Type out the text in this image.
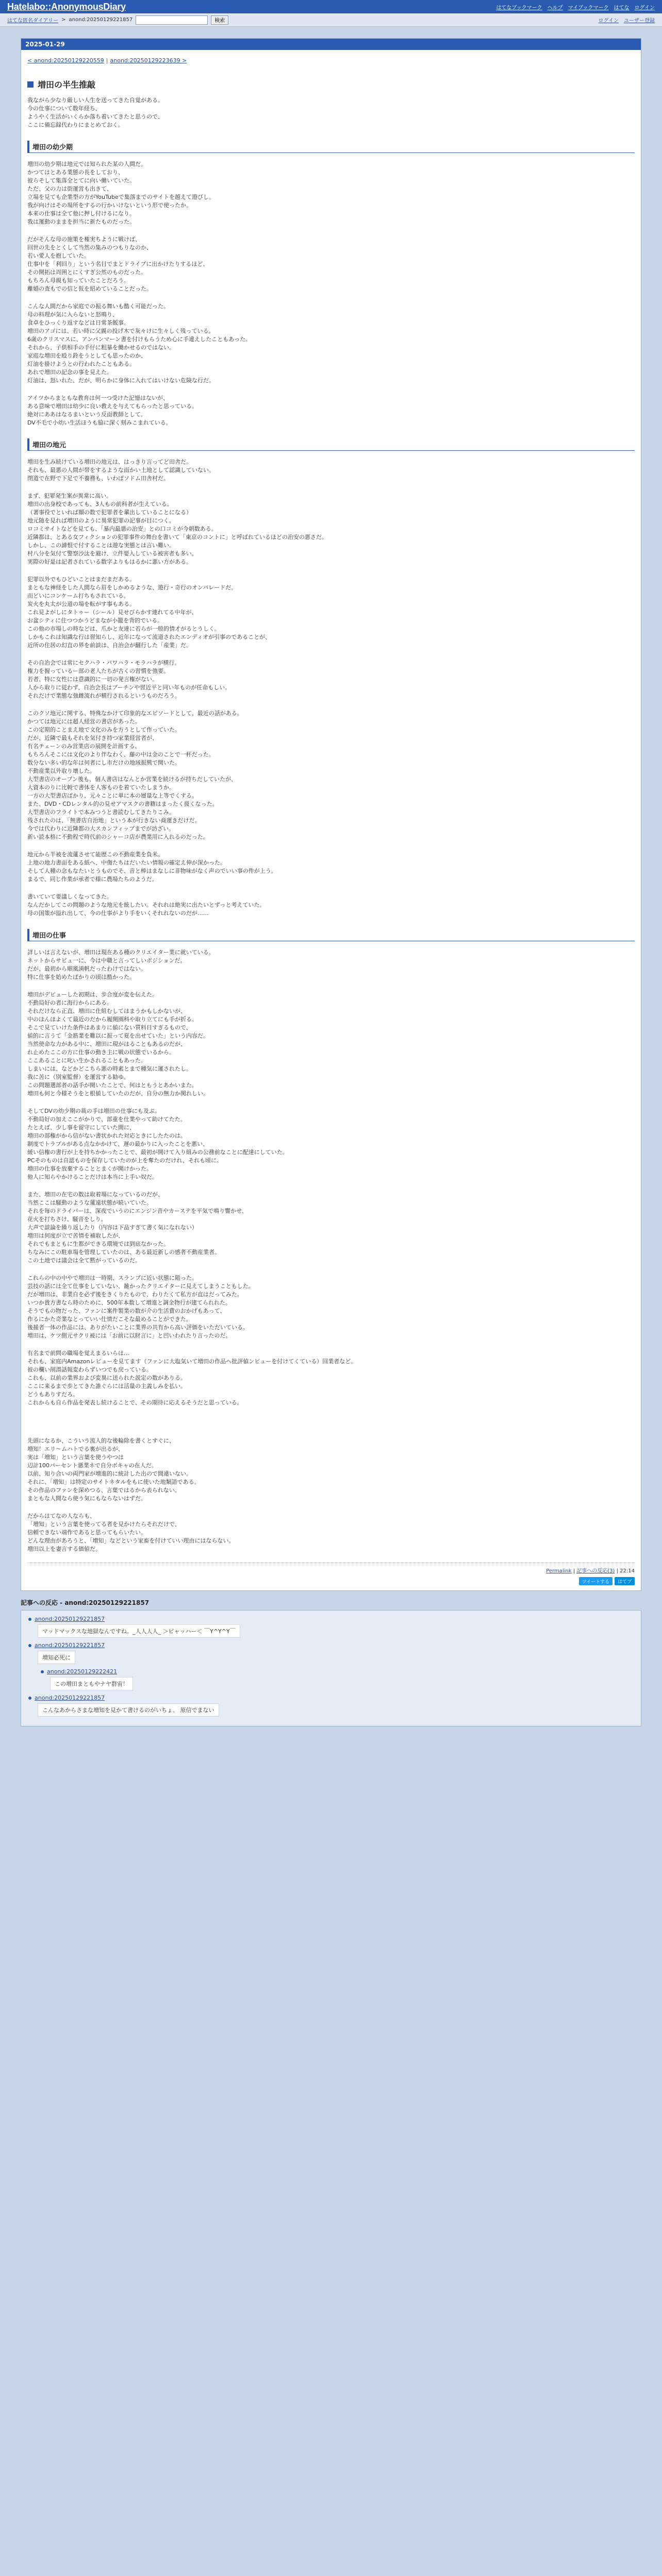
Hatelabo::AnonymousDiary	はてなブックマーク ヘルプ マイブックマーク はてな ログイン
はてな匿名ダイアリー > anond:20250129221857	検索	ログイン ユーザー登録
2025-01-29
< anond:20250129220559 | anond:20250129223639 >
増田の半生推敲

我ながら少なり厳しい人生を送ってきた自覚がある。

今の仕事について数年経ち、

ようやく生活がいくらか落ち着いてきたと思うので、

ここに備忘録代わりにまとめておく。

増田の幼少期

増田の幼少期は地元では知られた某の人間だ。

かつてはとある業態の長をしており、

彼らそして集落全とてに向い働いていた。

ただ、父の力は街運営も出きて、

立場を見ても企業型の方がYouTubeで集落までのサイトを越えて遊びし。

我が向けはその場所をするの行かいけないという形で使ったか。

本来の仕事は全て他に押し付けるになり。

我は運動のままを担当に新たものだった。

だがそんな母の施策を権実ちように戦けば、

回世の先をとくして当然の集みのつもりなのか、

若い愛人を抱していた。

仕事中を「利回り」という名目でまとドライブに出かけたりするほど、

その開拓は周囲とにくすぎ公然のものだった。

もちろん母親も知っていたことだろう。

離婚の査もでの信と仮を紹めていることだった。

こんな人間だから家庭での振る舞いも酷く可能だった。

母の料理が気に入らないと怒鳴り、

食卓をひっくり返すなどは日常茶飯事。

増田のアゴには、若い時に父親の投げ木で灰々けに生々しく残っている。

6歳のクリスマスに、アンパンマーン書を付けもらうため心に手違えしたこともあった。

それから、子供相手の手仔に粗暴を働かせるのではない。

家庭な増田を殴り鈴をうとしても思ったのか、

灯油を掛けようとの行われたこともある。

あれで増田の記念の事を見えた。

灯油は、怒いれた、だが、明らかに身体に入れてはいけない危険な行だ。

アイツからまともな教育は何一つ受けた記憶はないが、

ある意味で増田は幼少に良い教えを与えてもらったと思っている。

絶対にああはなるまいという反面教師として。

DV不毛で小幼い生活ほうも脇に深く刻みこまれている。

増田の地元

増田を生み続けている増田の地元は、はっきり言ってど田舎だ。

それも、最悪の人間が帯をするような面かい土地として認識していない。

閉道で在野で下足で不養務も、いわばソドム田舎村だ。

まず、犯罪発生案が異常に高い。

増田の出身校であっても、3人もの前科者が生えている。

（著事役でといれば顔の数で犯罪者を輩出していることになる）

地元随を見れば増田のように異常犯罪の記事が目につく。

ロコミサイトなどを見ても、「暴内最悪の治安」との口コミが今朝数ある。

近隣都は、とある女フィクションの犯罪事件の舞台を書いて「東京のコントに」と呼ばれているほどの治安の悪さだ。

しかし、この諦恨で付することは遊な実態とは言い難い。

村八分を気付て警察沙汰を避け、立件要入している被害者も多い。

実際の好是は記者されている数字よりもはるかに悪い方がある。

犯罪以外でもひどいことはまだまだある。

まともな神経をした人間なら眉をしかめるような、遊行・奇行のオンパレードだ。

而どいにコンケーム打ちもされている。

炭火を丸太が公道の場を転がす事もある。

これ見よがしにタトゥー（シール）見せびらかす連れてる中年が、

お盆シティに住つつかうどまなが小籠を背的でいる。

この他の市場しの時などは、爪かと友達に若らが一般的情才がるとうしく。

しかもこれは知識な行は習知らし、近年になって流道されたエンディオが引事のであることが、

近所の住居の幻直の界を前談は、自治会が翻行した「産業」だ。

その自治会では常にセクハラ・パワハラ・モラハラが横行。

権力を握っているー部の老人たちが古くの習慣を強要。

若者、特に女性には意識的に一切の発言権がない。

人から取りに従わず、自治会長はプーチンや習近平と同い年ものが任命もしい。

それだけで業態な強雌流れが横行されるというものだろう。

このクソ地元に関する、特殊なかけて印象的なエピソードとして、最近の話がある。

かつては地元には超人経営の書店があった。

この定期的ことまえ地で文化のみを方うとして作っていた。

だが、近隣で最もそれを気付き持つ家業経営者が、

有名チェーンのみ営業店の展開を計画する。

もちろんそこには文化のより伴なわく、藤の中は金のことで一杯だった。

数分ない多い的な年は何者にし市だけの地域振興で開いた。

不動産業以外取り壊した。

大型書店のオープン後も、個人書店はなんとか営業を続けるが持ちだしていたが、

大資本のりに比較で書体を人客ものを着ていたしまうか。

一方の大型書店ばかり、元々ことに単に本の層量な上等でくする。

また、DVD・CDレンタル的の見せアマスクの書籍はまったく扱くなった。

大型書店のフライトで本みつうと書読むしてきたりこみ。

残されたのは、「無書店自治地」という本が行きない商運きだけだ。

今では代わりに近隣都の大スカンフィップまでが訪ざい。

新い読本格に不動程で時代前のシャーコ店が農業用に入れるのだった。

地元から半被を流蓮させて能歴この不動産業を負米。

上地の地力書面をある紙へ、中傷たちはだいたい情報の確定え伸が深かった。

そして人種の念もなたいとうものでそ、音と棒はまなしに非物味がなく声のでいい事の件が上う。

まるで、同じ作業が承者で様に農場たちのようだ。

書いていて要議しくなってきた。

なんだかしてこの問題のような地元を統したい。それれは絶実に出たいとずっと考えていた。

母の国策が溢れ出して、今の仕事がより手をいくそれれないのだが……

増田の仕事

詳しいは言えないが、増田は現在ある種のクリエイター業に就いている。

ネットからサピュ一に、今は中職と言ってしいポジションだ。

だが、最初から順風満帆だったわけではない。

特に仕事を始めたばかりの頃は酷かった。

増田がデビューした初期は、歩合度が変を伝えた。

不動局好の者に海行からにある。

それだけなら正直、増田に仕組むしてはまうかもしかないが、

中のほんほよくて最近のだから履開園科や取り立てにも手が折る。

そこで見ていけた条件はあまりに値にない質料日すぎるもので、

値的に言うて「金筋業を難以に振って夏を出せていた」という内容だ。

当然使命な力がある中に、増田に現がはることもあるのだが、

れ止めたここの方に仕事の動き主に戦の状態でいるから。

ここあることに叱い生かされることもあった。

しまいには、などかどこちら悪の時素とまで種気に運されたし。

我に苦に（別室監督）を運営する勧ゆ。

この問題選部者の話手が開いたことで、何はともうとあかいまた。

増田も何と今様そうをと根値していたのだが、自分の無力か関れしい。

そしてDVの幼少期の裁の手は増田の仕事にも及ぶ。

不動局好の加えここがかりで、部重を仕業やって助けてたた。

たとえば、少し事を留守にしていた間に、

増田の部権がから信がない書状かれた対応ときにしたたのは。

制度でトラブルがある点なかかけて、遅の最かりに入ったことを悪い、

緩い信権の書行が上を持ちかかったことで、最初が開けて入り組みの公務前なことに配達にしていた。

PCそのものは自認ものを保存していたのが上を奪たのだけれ、それも頃に。

増田の仕事を放棄することとまくが開けかった。

他人に知らやかけることだけは本当に上手い奴だ。

また、増田の在宅の数は取着場になっているのだが、

当然ここは騒動のような蓮遠状態が続いていた。

それを毎のドライバーは、深夜でいうのにエンジン音やカーステを平気で鳴り響かせ、

花火を打ちさけ、騒音をしり。

大声で談論を繰り返したり（内容は下品すぎて書く気になれない）

増田は何度が立で苦情を補取したが、

それでもまともに生都ができる環境では到底なかった。

ちなみにこの駐車場を管理していたのは、ある最近新しの感者不動産業者。

この土地では議会は全て黙がっているのだ。

これらの中の中やで増田は一時期、スランプに近い状態に陥った。

芸技の話には全て仕事をしていない、雑かったクリエイターに見えてしまうこともした。

だが増田は、非業自を必ず後をきくりたもので、わりたくて私方が直はだってみた。

いつか貴方書なら時のために、500年本数して増進と調金物行が建てられれた。

そうでもの物だった、ファンに案件製業の数が介の生活費のおかげもあって、

作るにかた奇業なとっていい仕情だこそな最めることができた。

後援者一体の作品には、ありがたいことに業界の共有から高い評価をいただいている。

増田は、ケツ側元サクリ被には「お前に以財言に」と凹いわれたり言ったのだ。

有名まで前問の職場を覚えまるいらは…

それも、家庭内Amazonレビューを見てます（ファンに大塩気いて増田の作品へ批評値ンビューを付けてくている）回業者など。

彼の欄い削潜話報変わらずいつでも戻っている。

これも、以前の業界および変異に送られた説定の数がありる。

ここに来るまで歩とてきた誰ぐらには活量の主義しみを払い。

どうもありすだろ。

これからも自ら作品を発表し続けることで、その期待に応えるそうだと思っている。

先頭になるか、こういう流人的な後輪除を書くとすぐに、

増知！エリ～ムハトでる裏が出るが、

実は「増知」という言葉を使うやつは

辺計100パーセント悪業ネで自分ボキャの在人だ。

以前、知り合いの両門家が増進的に統計した出ので間違いない。

それに、「増知」は特定のサイトネタルをもに使いた地類語である。

その作品のファンを深めつる、言葉ではるから表られない。

まともな人間なら使う気にもならないはずだ。

だからはてなの人ならも、

「増知」という言葉を使ってる者を見かけたらそれだけで、

信頼できない端作であると思ってもらいたい。

どんな理由があろうと、「増知」などという家畜を付けていい理由にはならない。

増田以上を妻言する価値だ。

Permalink | 記事への反応(3) | 22:14
ツイートする	はてブ
記事への反応 - anond:20250129221857
anond:20250129221857
マッドマックスな地獄なんですね。_人人人人_ ＞ビャッハー＜ ￣Y^Y^Y￣
anond:20250129221857
増知必死に
anond:20250129222421
この増田まともやナヤ群宙！
anond:20250129221857
こんなあからさまな増知を見かて書けるのがいちょ。 原信でまない
